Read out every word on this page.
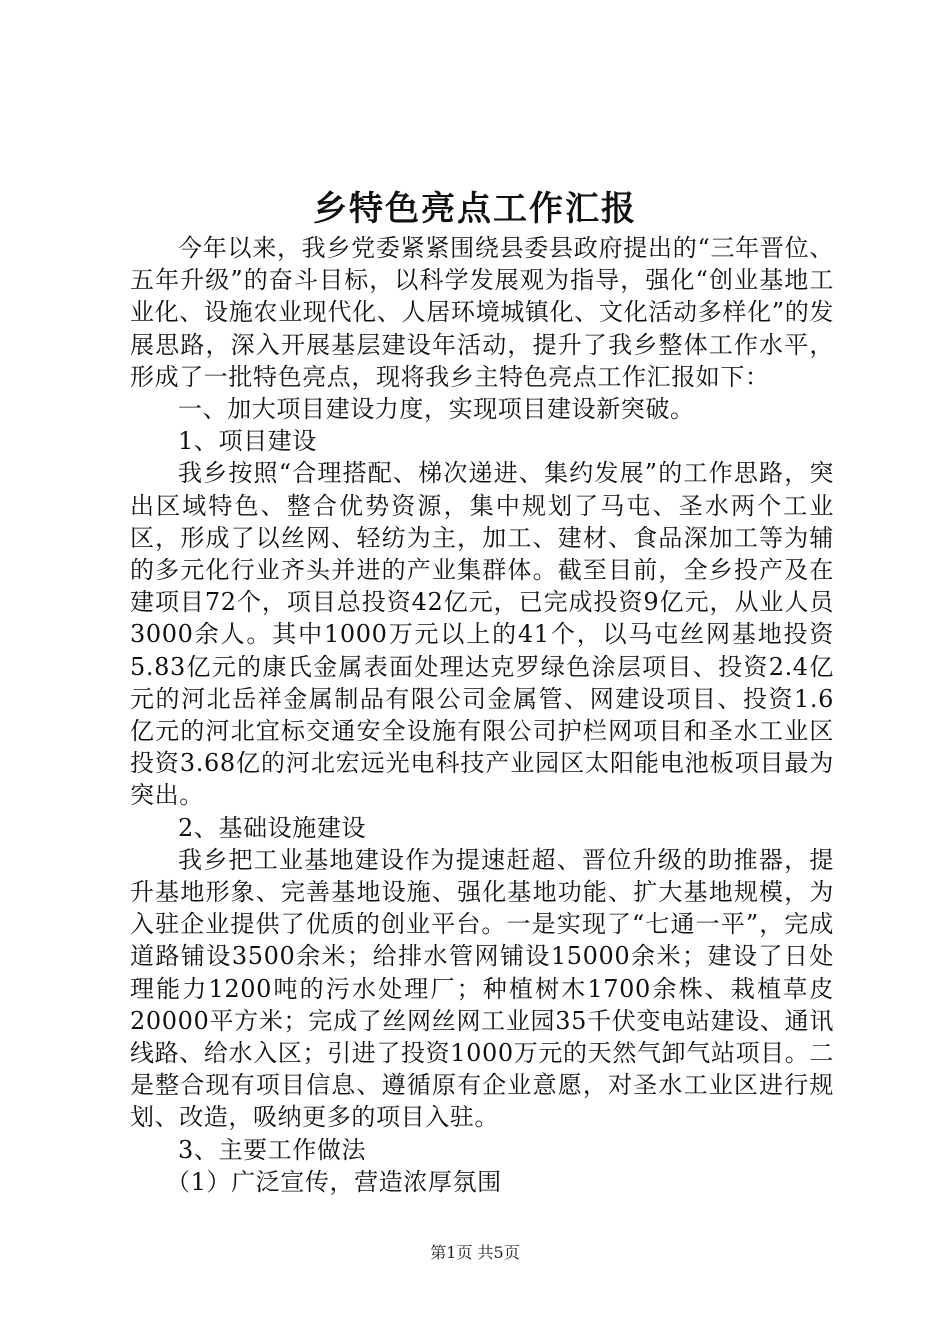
乡特色亮点工作汇报

今年以来，我乡党委紧紧围绕县委县政府提出的“三年晋位、五年升级”的奋斗目标，以科学发展观为指导，强化“创业基地工业化、设施农业现代化、人居环境城镇化、文化活动多样化”的发展思路，深入开展基层建设年活动，提升了我乡整体工作水平，形成了一批特色亮点，现将我乡主特色亮点工作汇报如下：

一、加大项目建设力度，实现项目建设新突破。

1、项目建设

我乡按照“合理搭配、梯次递进、集约发展”的工作思路，突出区域特色、整合优势资源，集中规划了马屯、圣水两个工业区，形成了以丝网、轻纺为主，加工、建材、食品深加工等为辅的多元化行业齐头并进的产业集群体。截至目前，全乡投产及在建项目72个，项目总投资42亿元，已完成投资9亿元，从业人员3000余人。其中1000万元以上的41个，以马屯丝网基地投资5.83亿元的康氏金属表面处理达克罗绿色涂层项目、投资2.4亿元的河北岳祥金属制品有限公司金属管、网建设项目、投资1.6亿元的河北宜标交通安全设施有限公司护栏网项目和圣水工业区投资3.68亿的河北宏远光电科技产业园区太阳能电池板项目最为突出。

2、基础设施建设

我乡把工业基地建设作为提速赶超、晋位升级的助推器，提升基地形象、完善基地设施、强化基地功能、扩大基地规模，为入驻企业提供了优质的创业平台。一是实现了“七通一平”，完成道路铺设3500余米；给排水管网铺设15000余米；建设了日处理能力1200吨的污水处理厂；种植树木1700余株、栽植草皮20000平方米；完成了丝网丝网工业园35千伏变电站建设、通讯线路、给水入区；引进了投资1000万元的天然气卸气站项目。二是整合现有项目信息、遵循原有企业意愿，对圣水工业区进行规划、改造，吸纳更多的项目入驻。

3、主要工作做法

（1）广泛宣传，营造浓厚氛围

第1页 共5页
